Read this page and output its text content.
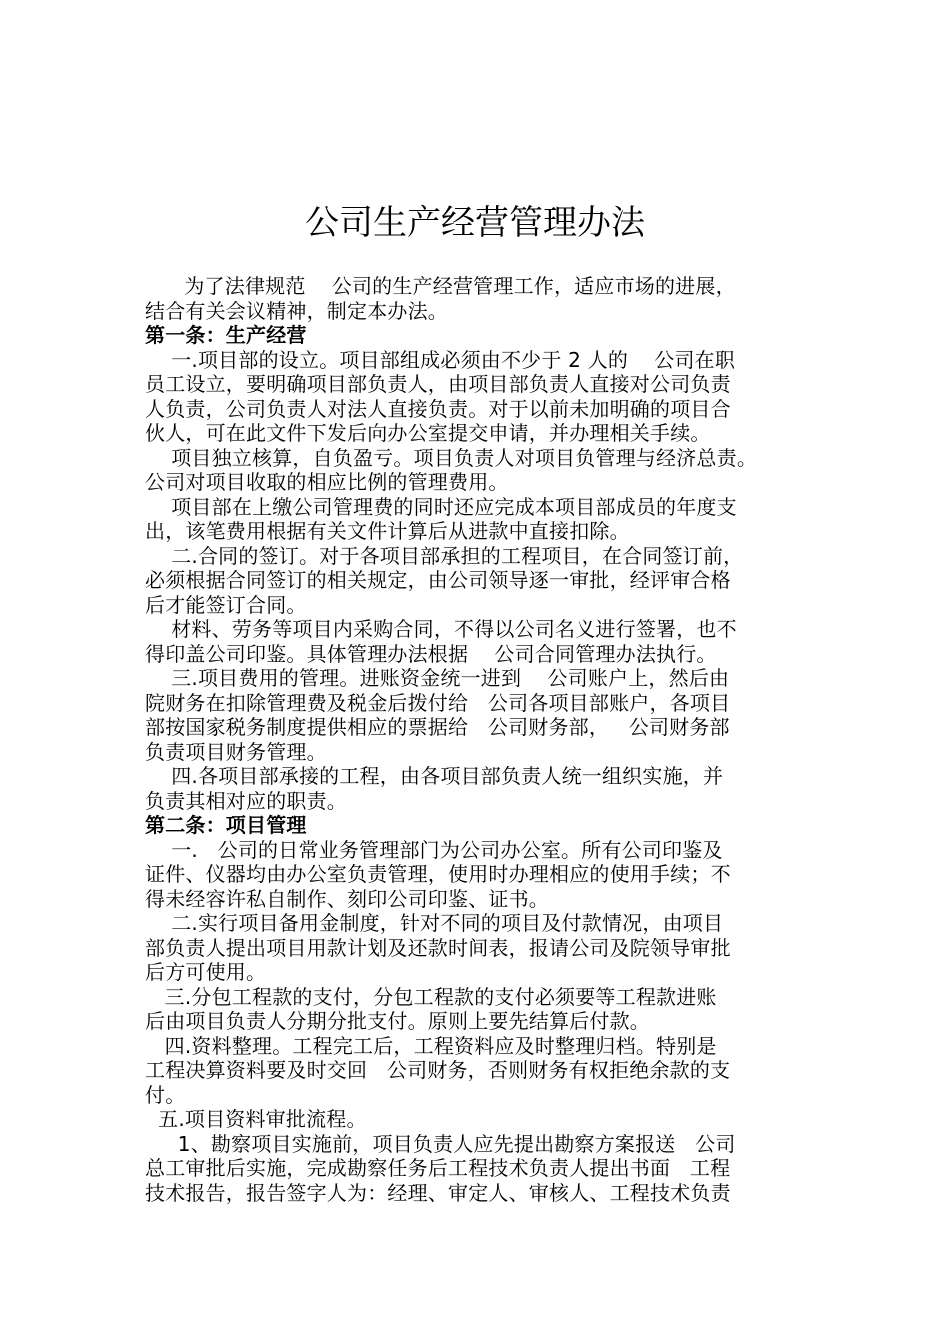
公司生产经营管理办法
为了法律规范    公司的生产经营管理工作，适应市场的进展，
结合有关会议精神，制定本办法。
第一条：生产经营
一.项目部的设立。项目部组成必须由不少于 2 人的    公司在职
员工设立，要明确项目部负责人，由项目部负责人直接对公司负责
人负责，公司负责人对法人直接负责。对于以前未加明确的项目合
伙人，可在此文件下发后向办公室提交申请，并办理相关手续。
项目独立核算，自负盈亏。项目负责人对项目负管理与经济总责。
公司对项目收取的相应比例的管理费用。
项目部在上缴公司管理费的同时还应完成本项目部成员的年度支
出，该笔费用根据有关文件计算后从进款中直接扣除。
二.合同的签订。对于各项目部承担的工程项目，在合同签订前，
必须根据合同签订的相关规定，由公司领导逐一审批，经评审合格
后才能签订合同。
材料、劳务等项目内采购合同，不得以公司名义进行签署，也不
得印盖公司印鉴。具体管理办法根据    公司合同管理办法执行。
三.项目费用的管理。进账资金统一进到    公司账户上，然后由
院财务在扣除管理费及税金后拨付给   公司各项目部账户，各项目
部按国家税务制度提供相应的票据给   公司财务部，   公司财务部
负责项目财务管理。
四.各项目部承接的工程，由各项目部负责人统一组织实施，并
负责其相对应的职责。
第二条：项目管理
一.   公司的日常业务管理部门为公司办公室。所有公司印鉴及
证件、仪器均由办公室负责管理，使用时办理相应的使用手续；不
得未经容许私自制作、刻印公司印鉴、证书。
二.实行项目备用金制度，针对不同的项目及付款情况，由项目
部负责人提出项目用款计划及还款时间表，报请公司及院领导审批
后方可使用。
三.分包工程款的支付，分包工程款的支付必须要等工程款进账
后由项目负责人分期分批支付。原则上要先结算后付款。
四.资料整理。工程完工后，工程资料应及时整理归档。特别是
工程决算资料要及时交回   公司财务，否则财务有权拒绝余款的支
付。
五.项目资料审批流程。
1、勘察项目实施前，项目负责人应先提出勘察方案报送   公司
总工审批后实施，完成勘察任务后工程技术负责人提出书面   工程
技术报告，报告签字人为：经理、审定人、审核人、工程技术负责
